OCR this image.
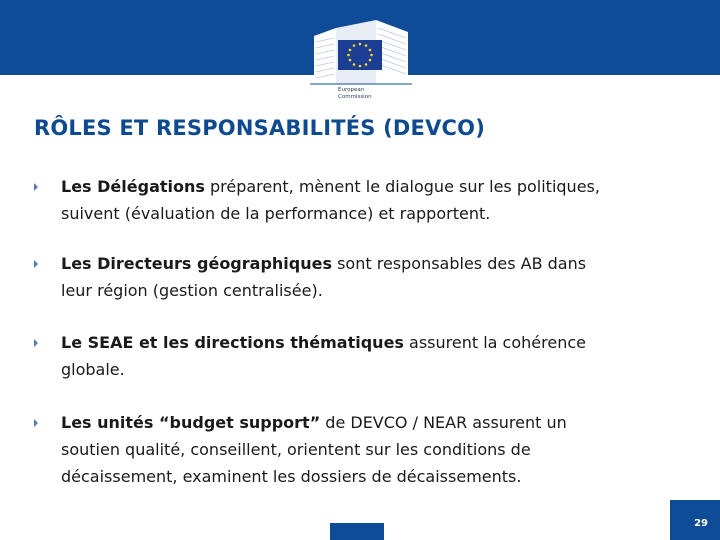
European
Commission
RÔLES ET RESPONSABILITÉS (DEVCO)
Les Délégations préparent, mènent le dialogue sur les politiques,
suivent (évaluation de la performance) et rapportent.
Les Directeurs géographiques sont responsables des AB dans
leur région (gestion centralisée).
Le SEAE et les directions thématiques assurent la cohérence
globale.
Les unités “budget support” de DEVCO / NEAR assurent un
soutien qualité, conseillent, orientent sur les conditions de
décaissement, examinent les dossiers de décaissements.
29
